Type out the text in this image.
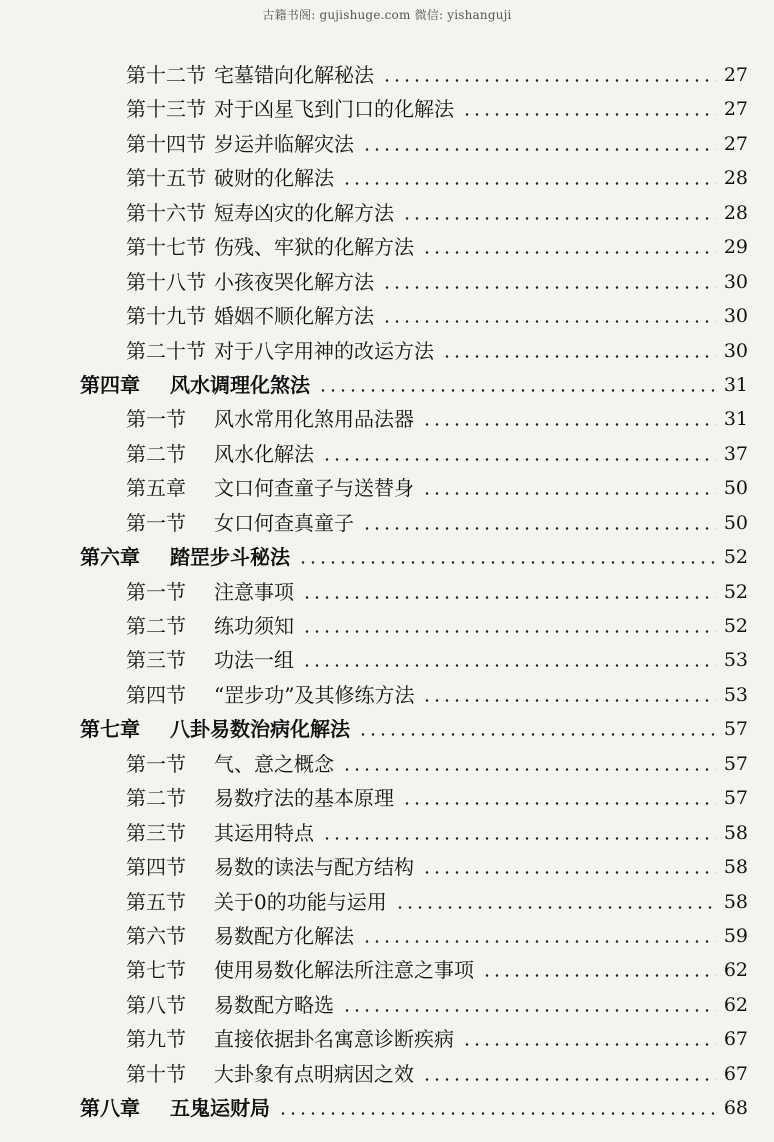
古籍书阁: gujishuge.com 微信: yishanguji
第十二节 宅墓错向化解秘法	27
第十三节 对于凶星飞到门口的化解法	27
第十四节 岁运并临解灾法	27
第十五节 破财的化解法	28
第十六节 短寿凶灾的化解方法	28
第十七节 伤残、牢狱的化解方法	29
第十八节 小孩夜哭化解方法	30
第十九节 婚姻不顺化解方法	30
第二十节 对于八字用神的改运方法	30
第四章 风水调理化煞法	31
第一节 风水常用化煞用品法器	31
第二节 风水化解法	37
第五章 文口何查童子与送替身	50
第一节 女口何查真童子	50
第六章 踏罡步斗秘法	52
第一节 注意事项	52
第二节 练功须知	52
第三节 功法一组	53
第四节 “罡步功”及其修练方法	53
第七章 八卦易数治病化解法	57
第一节 气、意之概念	57
第二节 易数疗法的基本原理	57
第三节 其运用特点	58
第四节 易数的读法与配方结构	58
第五节 关于0的功能与运用	58
第六节 易数配方化解法	59
第七节 使用易数化解法所注意之事项	62
第八节 易数配方略选	62
第九节 直接依据卦名寓意诊断疾病	67
第十节 大卦象有点明病因之效	67
第八章 五鬼运财局	68
